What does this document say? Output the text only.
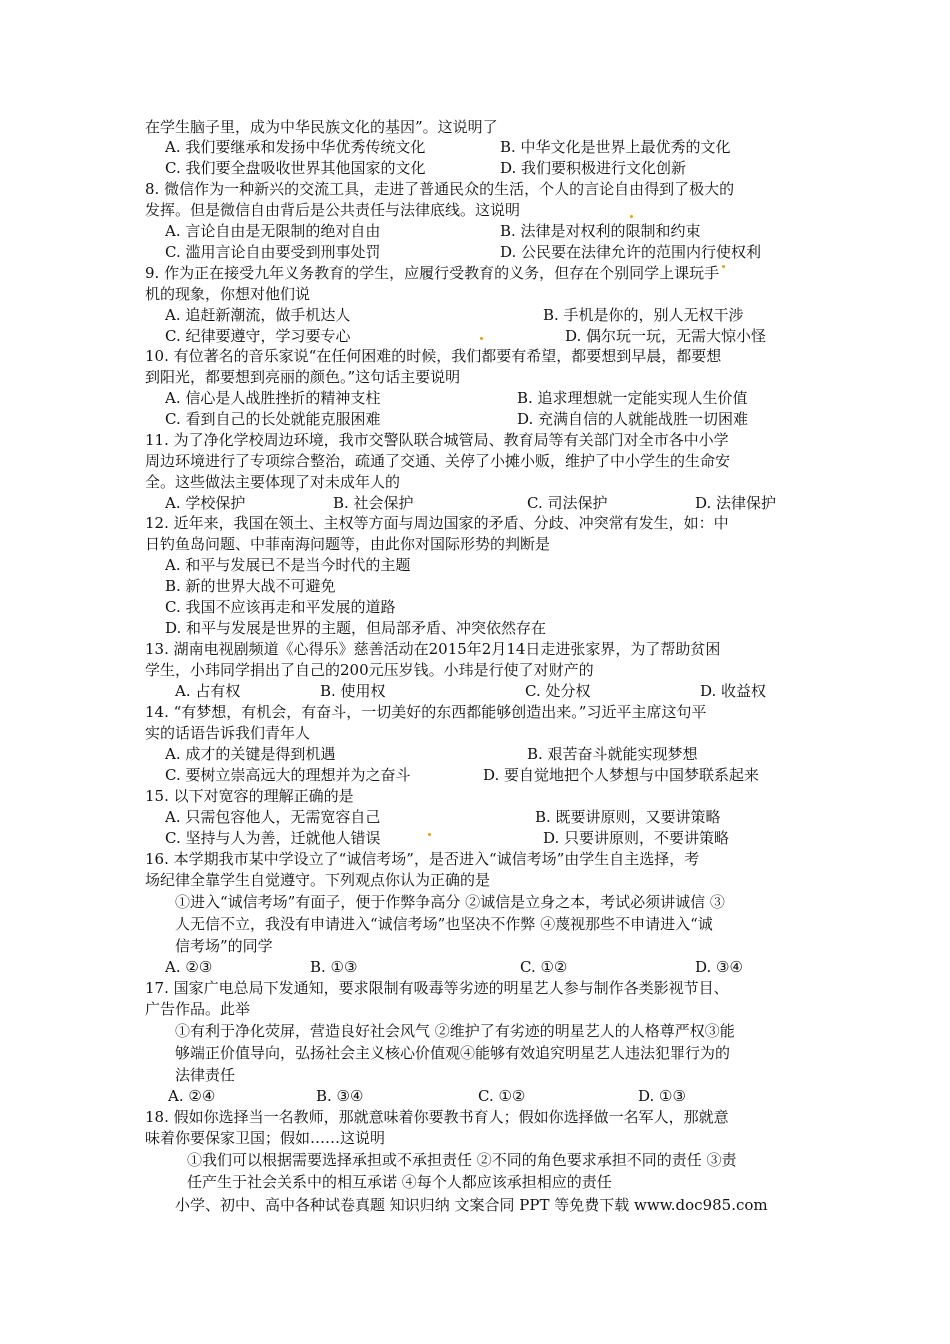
在学生脑子里，成为中华民族文化的基因”。这说明了
A. 我们要继承和发扬中华优秀传统文化	B. 中华文化是世界上最优秀的文化
C. 我们要全盘吸收世界其他国家的文化	D. 我们要积极进行文化创新
8. 微信作为一种新兴的交流工具，走进了普通民众的生活，个人的言论自由得到了极大的
发挥。但是微信自由背后是公共责任与法律底线。这说明
A. 言论自由是无限制的绝对自由	B. 法律是对权利的限制和约束
C. 滥用言论自由要受到刑事处罚	D. 公民要在法律允许的范围内行使权利
9. 作为正在接受九年义务教育的学生，应履行受教育的义务，但存在个别同学上课玩手
机的现象，你想对他们说
A. 追赶新潮流，做手机达人	B. 手机是你的，别人无权干涉
C. 纪律要遵守，学习要专心	D. 偶尔玩一玩，无需大惊小怪
10. 有位著名的音乐家说“在任何困难的时候，我们都要有希望，都要想到早晨，都要想
到阳光，都要想到亮丽的颜色。”这句话主要说明
A. 信心是人战胜挫折的精神支柱	B. 追求理想就一定能实现人生价值
C. 看到自己的长处就能克服困难	D. 充满自信的人就能战胜一切困难
11. 为了净化学校周边环境，我市交警队联合城管局、教育局等有关部门对全市各中小学
周边环境进行了专项综合整治，疏通了交通、关停了小摊小贩，维护了中小学生的生命安
全。这些做法主要体现了对未成年人的
A. 学校保护	B. 社会保护	C. 司法保护	D. 法律保护
12. 近年来，我国在领土、主权等方面与周边国家的矛盾、分歧、冲突常有发生，如：中
日钓鱼岛问题、中菲南海问题等，由此你对国际形势的判断是
A. 和平与发展已不是当今时代的主题
B. 新的世界大战不可避免
C. 我国不应该再走和平发展的道路
D. 和平与发展是世界的主题，但局部矛盾、冲突依然存在
13. 湖南电视剧频道《心得乐》慈善活动在2015年2月14日走进张家界，为了帮助贫困
学生，小玮同学捐出了自己的200元压岁钱。小玮是行使了对财产的
A. 占有权	B. 使用权	C. 处分权	D. 收益权
14. “有梦想，有机会，有奋斗，一切美好的东西都能够创造出来。”习近平主席这句平
实的话语告诉我们青年人
A. 成才的关键是得到机遇	B. 艰苦奋斗就能实现梦想
C. 要树立崇高远大的理想并为之奋斗	D. 要自觉地把个人梦想与中国梦联系起来
15. 以下对宽容的理解正确的是
A. 只需包容他人，无需宽容自己	B. 既要讲原则，又要讲策略
C. 坚持与人为善，迁就他人错误	D. 只要讲原则，不要讲策略
16. 本学期我市某中学设立了“诚信考场”，是否进入“诚信考场”由学生自主选择，考
场纪律全靠学生自觉遵守。下列观点你认为正确的是
①进入“诚信考场”有面子，便于作弊争高分 ②诚信是立身之本，考试必须讲诚信 ③
人无信不立，我没有申请进入“诚信考场”也坚决不作弊 ④蔑视那些不申请进入“诚
信考场”的同学
A. ②③	B. ①③	C. ①②	D. ③④
17. 国家广电总局下发通知，要求限制有吸毒等劣迹的明星艺人参与制作各类影视节目、
广告作品。此举
①有利于净化荧屏，营造良好社会风气 ②维护了有劣迹的明星艺人的人格尊严权③能
够端正价值导向，弘扬社会主义核心价值观④能够有效追究明星艺人违法犯罪行为的
法律责任
A. ②④	B. ③④	C. ①②	D. ①③
18. 假如你选择当一名教师，那就意味着你要教书育人；假如你选择做一名军人，那就意
味着你要保家卫国；假如……这说明
①我们可以根据需要选择承担或不承担责任 ②不同的角色要求承担不同的责任 ③责
任产生于社会关系中的相互承诺 ④每个人都应该承担相应的责任
小学、初中、高中各种试卷真题 知识归纳 文案合同 PPT 等免费下载 www.doc985.com
